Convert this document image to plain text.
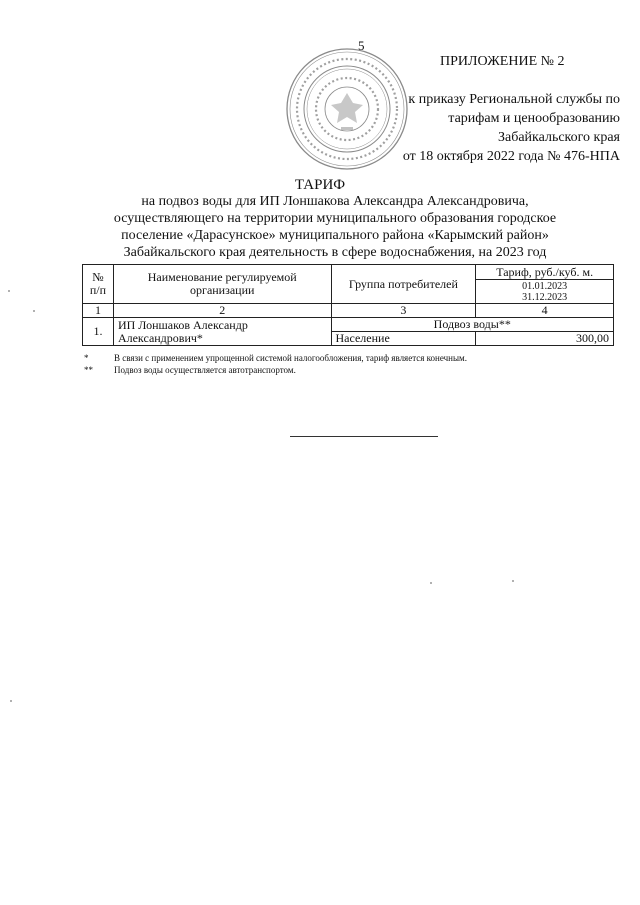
5
ПРИЛОЖЕНИЕ № 2
к приказу Региональной службы по
тарифам и ценообразованию
Забайкальского края
от 18 октября 2022 года № 476-НПА
ТАРИФ
на подвоз воды для ИП Лоншакова Александра Александровича,
осуществляющего на территории муниципального образования городское
поселение «Дарасунское» муниципального района «Карымский район»
Забайкальского края деятельность в сфере водоснабжения, на 2023 год
№ п/п	Наименование регулируемой организации	Группа потребителей	Тариф, руб./куб. м.

			01.01.2023
31.12.2023

1	2	3	4
1.	ИП Лоншаков Александр Александрович*	Подвоз воды**	
		Население	300,00
*	В связи с применением упрощенной системой налогообложения, тариф является конечным.
**	Подвоз воды осуществляется автотранспортом.
